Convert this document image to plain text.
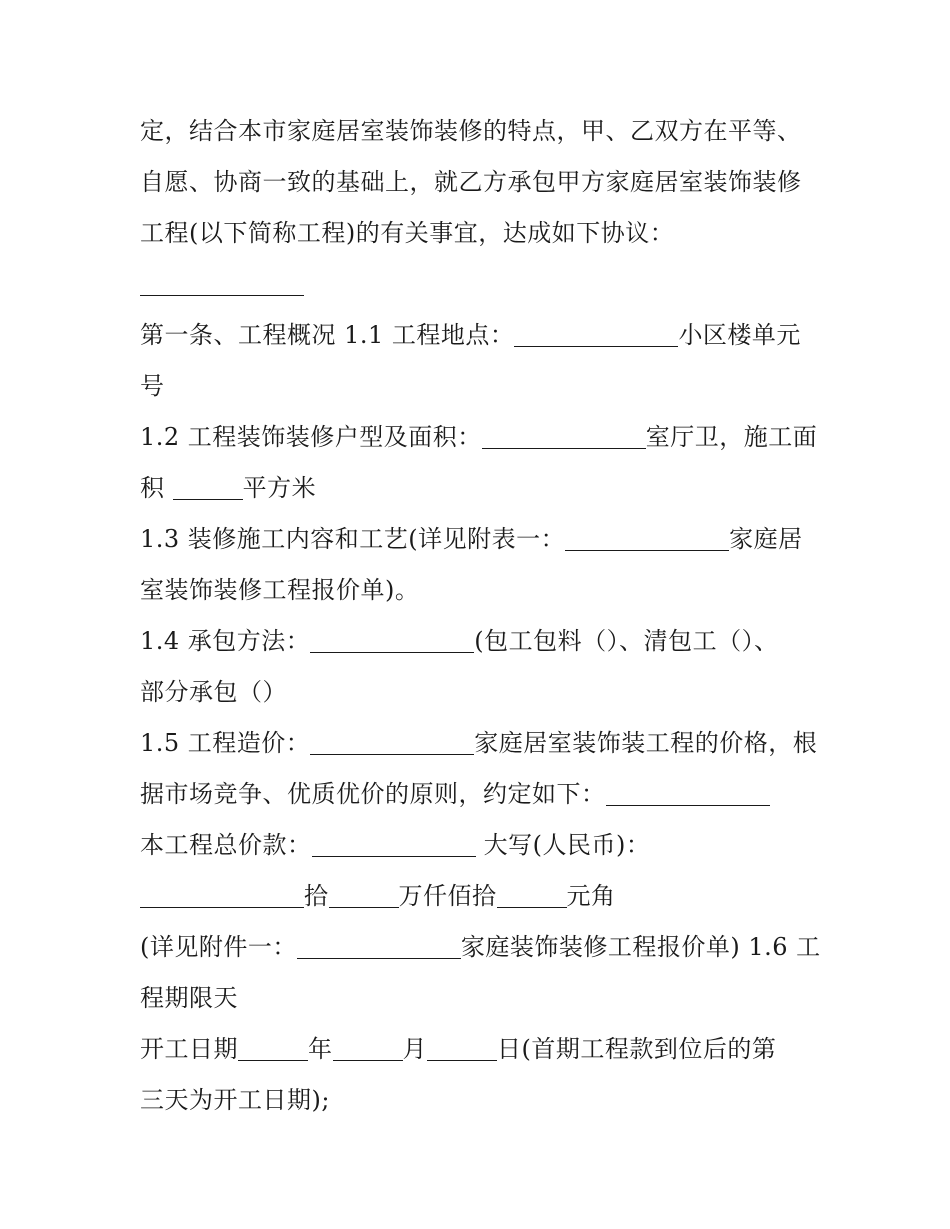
定，结合本市家庭居室装饰装修的特点，甲、乙双方在平等、
自愿、协商一致的基础上，就乙方承包甲方家庭居室装饰装修
工程(以下简称工程)的有关事宜，达成如下协议：
第一条、工程概况 1.1 工程地点：	小区楼单元
号
1.2 工程装饰装修户型及面积：	室厅卫，施工面
积	平方米
1.3 装修施工内容和工艺(详见附表一：	家庭居
室装饰装修工程报价单)。
1.4 承包方法：	(包工包料（）、清包工（）、
部分承包（）
1.5 工程造价：	家庭居室装饰装工程的价格，根
据市场竞争、优质优价的原则，约定如下：
本工程总价款：	大写(人民币)：
拾	万仟佰拾	元角
(详见附件一：	家庭装饰装修工程报价单) 1.6 工
程期限天
开工日期	年	月	日(首期工程款到位后的第
三天为开工日期);
